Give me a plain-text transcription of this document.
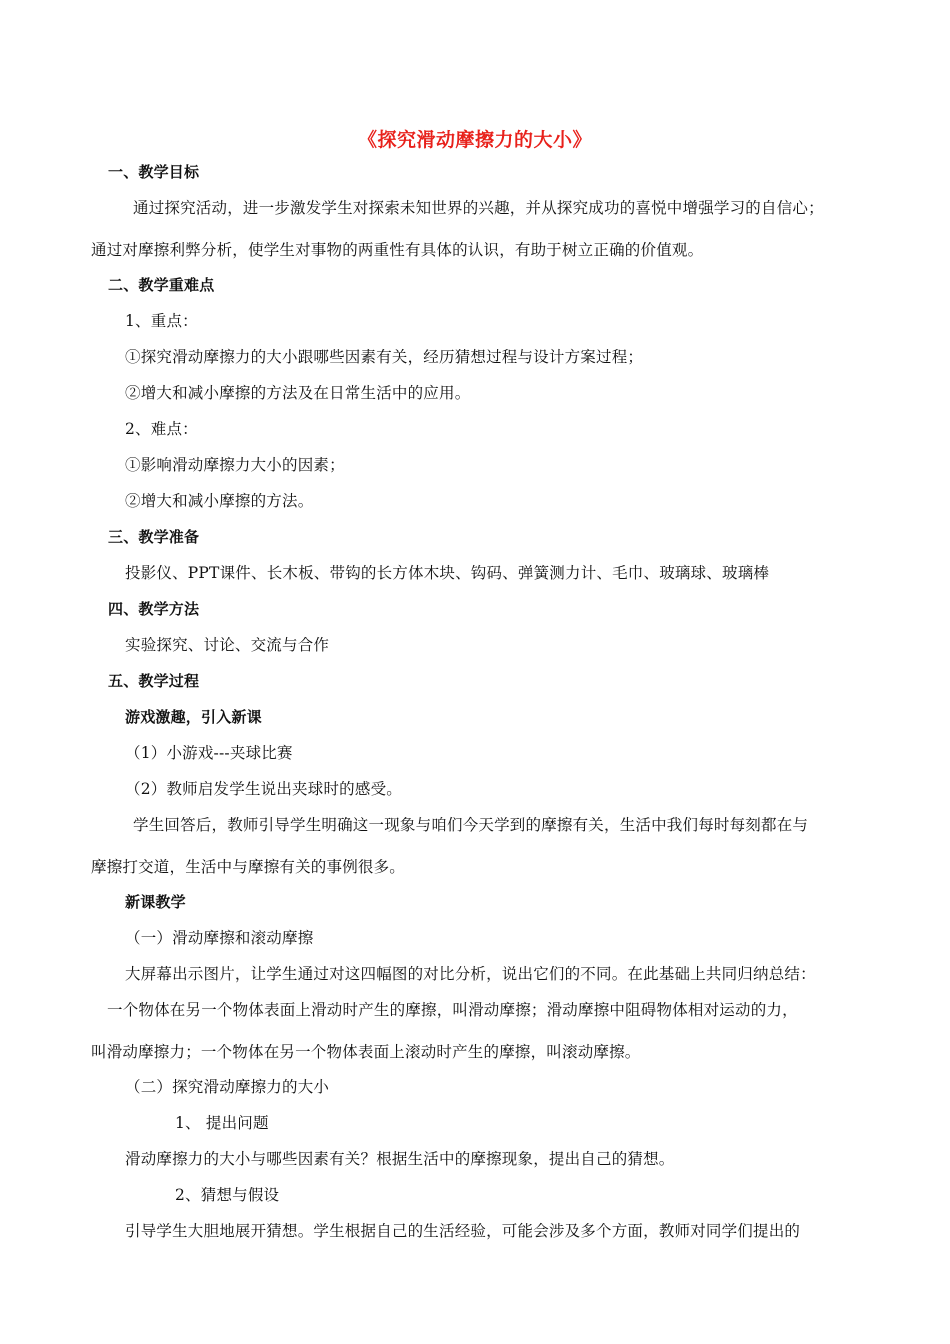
《探究滑动摩擦力的大小》
一、教学目标
通过探究活动，进一步激发学生对探索未知世界的兴趣，并从探究成功的喜悦中增强学习的自信心；
通过对摩擦利弊分析，使学生对事物的两重性有具体的认识，有助于树立正确的价值观。
二、教学重难点
1、重点：
①探究滑动摩擦力的大小跟哪些因素有关，经历猜想过程与设计方案过程；
②增大和减小摩擦的方法及在日常生活中的应用。
2、难点：
①影响滑动摩擦力大小的因素；
②增大和减小摩擦的方法。
三、教学准备
投影仪、PPT课件、长木板、带钩的长方体木块、钩码、弹簧测力计、毛巾、玻璃球、玻璃棒
四、教学方法
实验探究、讨论、交流与合作
五、教学过程
游戏激趣，引入新课
（1）小游戏---夹球比赛
（2）教师启发学生说出夹球时的感受。
学生回答后，教师引导学生明确这一现象与咱们今天学到的摩擦有关，生活中我们每时每刻都在与
摩擦打交道，生活中与摩擦有关的事例很多。
新课教学
（一）滑动摩擦和滚动摩擦
大屏幕出示图片，让学生通过对这四幅图的对比分析，说出它们的不同。在此基础上共同归纳总结：
一个物体在另一个物体表面上滑动时产生的摩擦，叫滑动摩擦；滑动摩擦中阻碍物体相对运动的力，
叫滑动摩擦力；一个物体在另一个物体表面上滚动时产生的摩擦，叫滚动摩擦。
（二）探究滑动摩擦力的大小
1、 提出问题
滑动摩擦力的大小与哪些因素有关？根据生活中的摩擦现象，提出自己的猜想。
2、猜想与假设
引导学生大胆地展开猜想。学生根据自己的生活经验，可能会涉及多个方面，教师对同学们提出的
